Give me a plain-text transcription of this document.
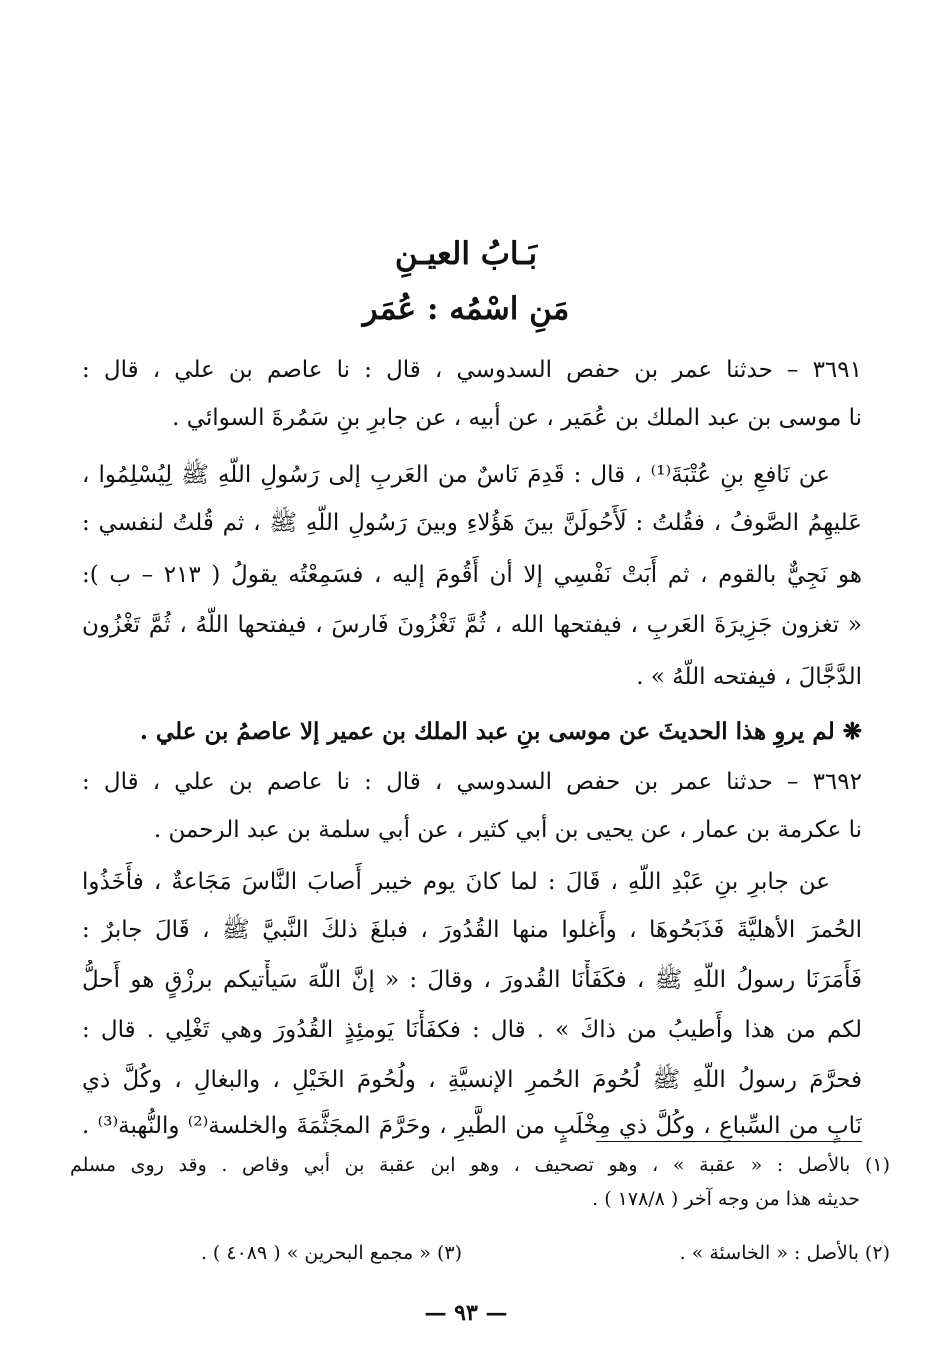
بَـابُ العيـنِ
مَنِ اسْمُه : عُمَر
٣٦٩١ – حدثنا عمر بن حفص السدوسي ، قال : نا عاصم بن علي ، قال :
نا موسى بن عبد الملك بن عُمَير ، عن أبيه ، عن جابرِ بنِ سَمُرةَ السوائي .
عن نَافعِ بنِ عُتْبَةَ⁽¹⁾ ، قال : قَدِمَ نَاسٌ من العَربِ إلى رَسُولِ اللّهِ ﷺ لِيُسْلِمُوا ،
عَليهِمُ الصَّوفُ ، فقُلتُ : لَأَحُولَنَّ بينَ هَؤُلاءِ وبينَ رَسُولِ اللّهِ ﷺ ، ثم قُلتُ لنفسي :
هو نَجِيٌّ بالقوم ، ثم أَبَتْ نَفْسِي إلا أن أَقُومَ إليه ، فسَمِعْتُه يقولُ ( ٢١٣ – ب ):
« تغزون جَزِيرَةَ العَربِ ، فيفتحها الله ، ثُمَّ تَغْزُونَ فَارسَ ، فيفتحها اللّهُ ، ثُمَّ تَغْزُون
الدَّجَّالَ ، فيفتحه اللّهُ » .
❋ لم يروِ هذا الحديثَ عن موسى بنِ عبد الملك بن عمير إلا عاصمُ بن علي .
٣٦٩٢ – حدثنا عمر بن حفص السدوسي ، قال : نا عاصم بن علي ، قال :
نا عكرمة بن عمار ، عن يحيى بن أبي كثير ، عن أبي سلمة بن عبد الرحمن .
عن جابرِ بنِ عَبْدِ اللّهِ ، قَالَ : لما كانَ يوم خيبر أَصابَ النَّاسَ مَجَاعةٌ ، فأَخَذُوا
الحُمرَ الأهليَّةَ فَذَبَحُوهَا ، وأَغلوا منها القُدُورَ ، فبلغَ ذلكَ النَّبيَّ ﷺ ، قَالَ جابرٌ :
فَأَمَرَنَا رسولُ اللّهِ ﷺ ، فكَفَأْنَا القُدورَ ، وقالَ : « إنَّ اللّهَ سَيأْتيكم برزْقٍ هو أَحلُّ
لكم من هذا وأَطيبُ من ذاكَ » . قال : فكفَأْنَا يَومئِذٍ القُدُورَ وهي تَغْلِي . قال :
فحرَّمَ رسولُ اللّهِ ﷺ لُحُومَ الحُمرِ الإنسيَّةِ ، ولُحُومَ الخَيْلِ ، والبغالِ ، وكُلَّ ذي
نَابٍ من السِّباعِ ، وكُلَّ ذي مِخْلَبٍ من الطَّيرِ ، وحَرَّمَ المجَثَّمَةَ والخلسة⁽²⁾ والنُّهبة⁽³⁾ .
(١) بالأصل : « عقبة » ، وهو تصحيف ، وهو ابن عقبة بن أبي وقاص . وقد روى مسلم
حديثه هذا من وجه آخر ( ١٧٨/٨ ) .
(٢) بالأصل : « الخاسئة » .
(٣) « مجمع البحرين » ( ٤٠٨٩ ) .
— ٩٣ —
